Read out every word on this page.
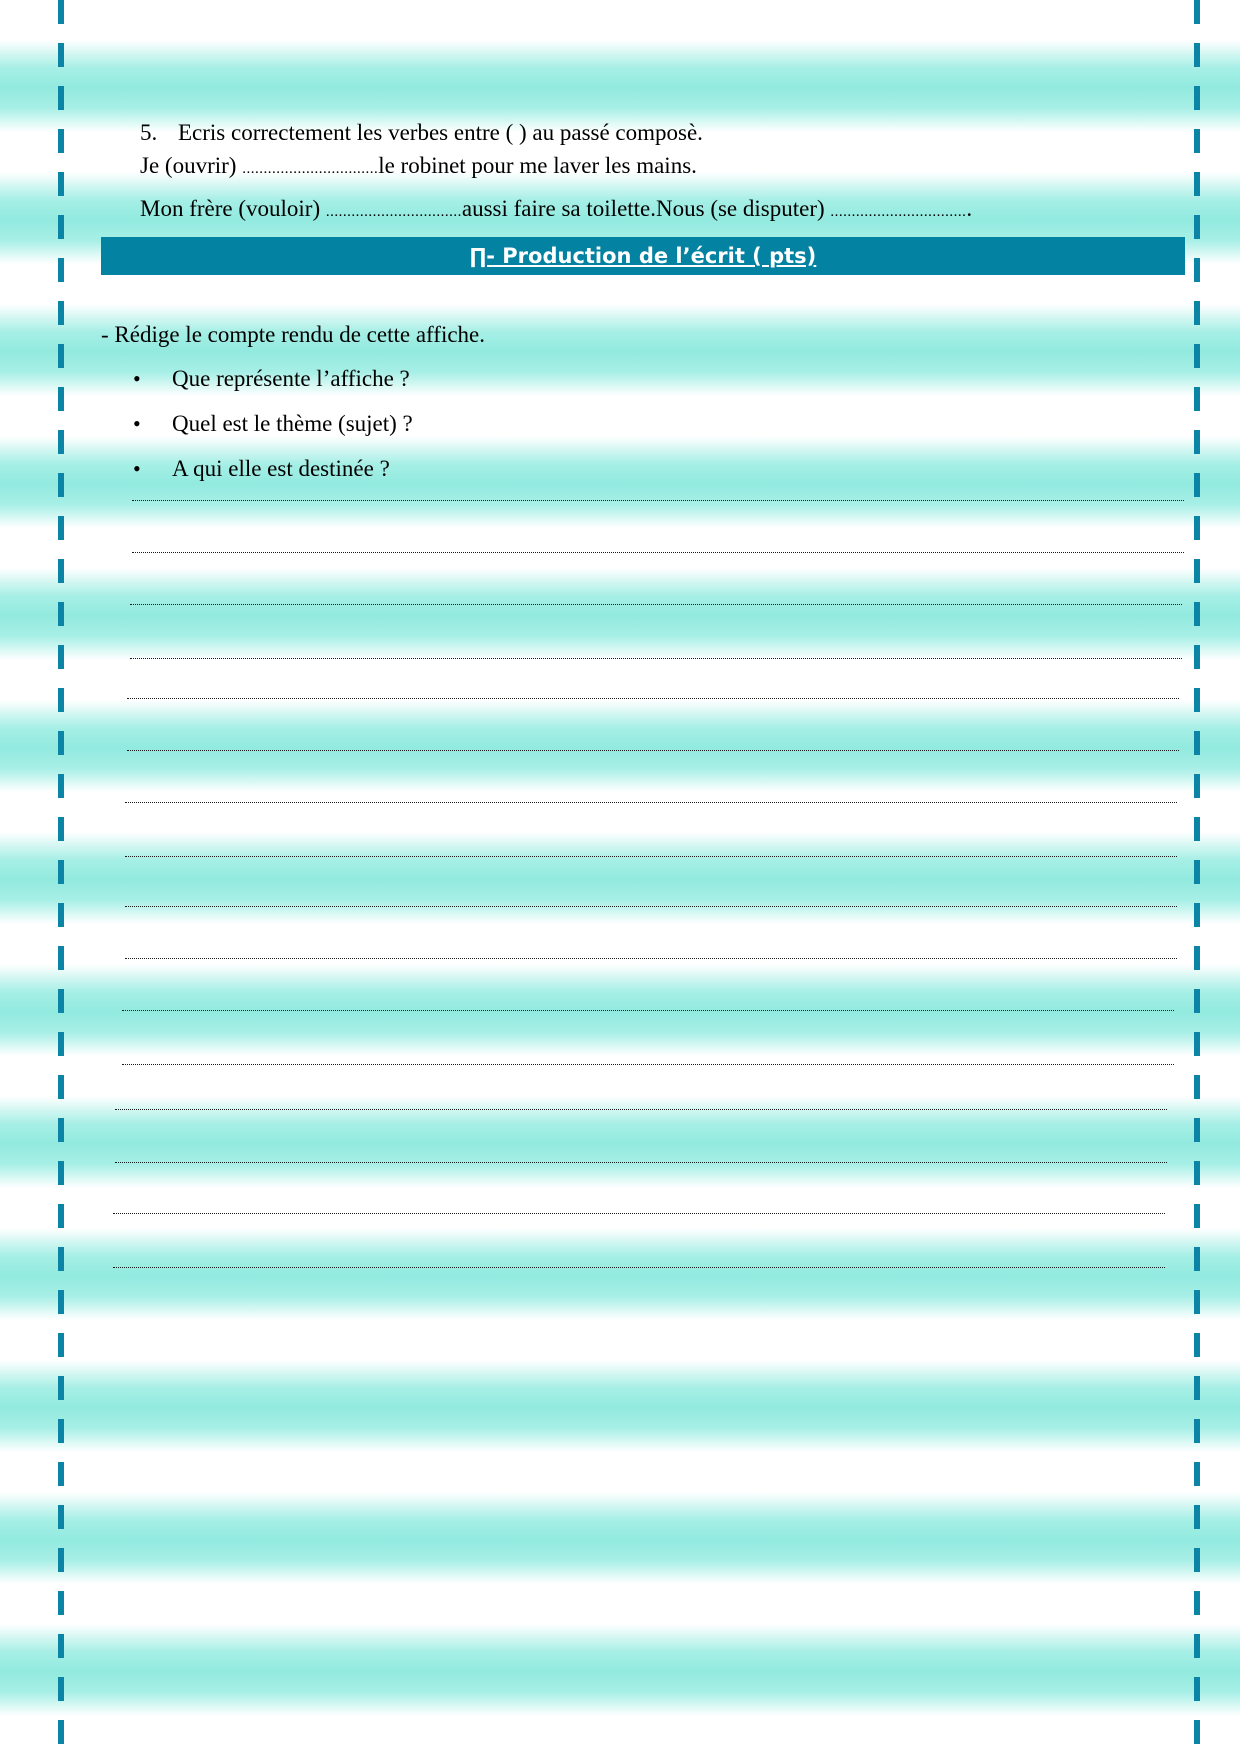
5. Ecris correctement les verbes entre ( ) au passé composè.
Je (ouvrir) ................................le robinet pour me laver les mains.
Mon frère (vouloir) ................................aussi faire sa toilette.Nous (se disputer) .................................
∏- Production de l’écrit ( pts)
- Rédige le compte rendu de cette affiche.
• Que représente l’affiche ?
• Quel est le thème (sujet) ?
• A qui elle est destinée ?
